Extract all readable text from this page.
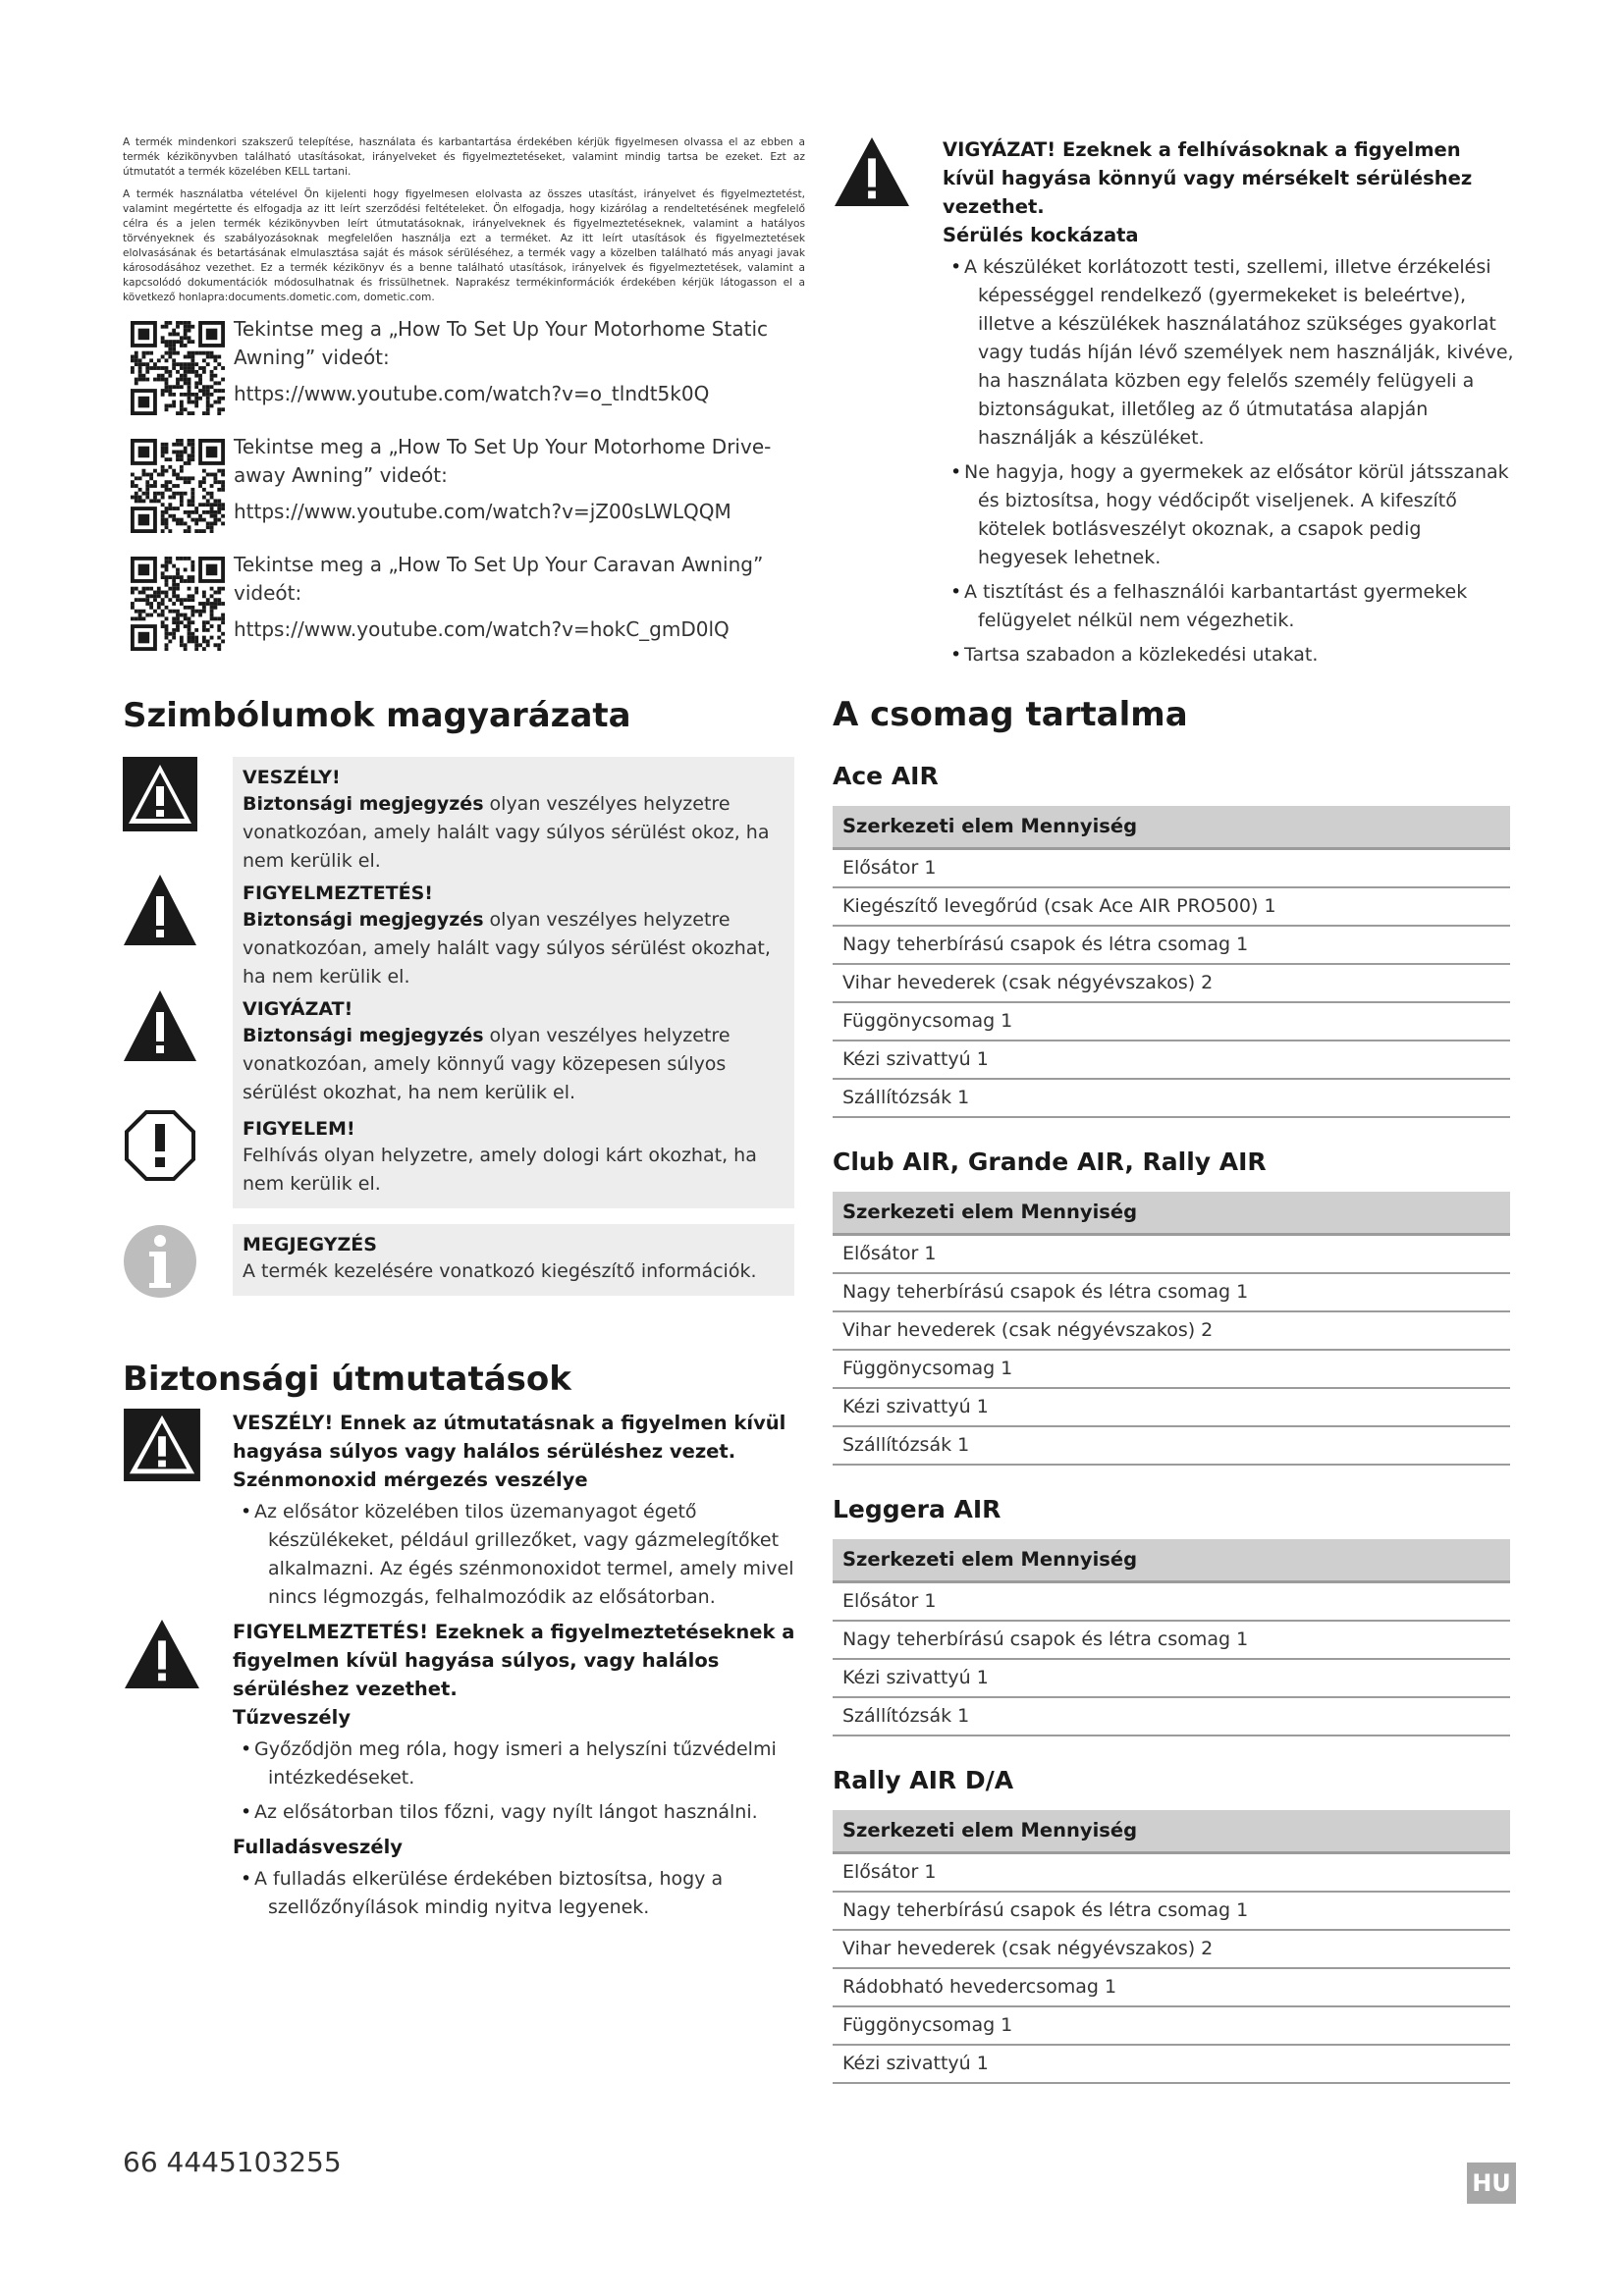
A termék mindenkori szakszerű telepítése, használata és karbantartása érdekében kérjük figyelmesen olvassa el az ebben a termék kézikönyvben található utasításokat, irányelveket és figyelmeztetéseket, valamint mindig tartsa be ezeket. Ezt az útmutatót a termék közelében KELL tartani.

A termék használatba vételével Ön kijelenti hogy figyelmesen elolvasta az összes utasítást, irányelvet és figyelmeztetést, valamint megértette és elfogadja az itt leírt szerződési feltételeket. Ön elfogadja, hogy kizárólag a rendeltetésének megfelelő célra és a jelen termék kézikönyvben leírt útmutatásoknak, irányelveknek és figyelmeztetéseknek, valamint a hatályos törvényeknek és szabályozásoknak megfelelően használja ezt a terméket. Az itt leírt utasítások és figyelmeztetések elolvasásának és betartásának elmulasztása saját és mások sérüléséhez, a termék vagy a közelben található más anyagi javak károsodásához vezethet. Ez a termék kézikönyv és a benne található utasítások, irányelvek és figyelmeztetések, valamint a kapcsolódó dokumentációk módosulhatnak és frissülhetnek. Naprakész termékinformációk érdekében kérjük látogasson el a következő honlapra:documents.dometic.com, dometic.com.

Tekintse meg a „How To Set Up Your Motorhome Static Awning” videót:
https://www.youtube.com/watch?v=o_tlndt5k0Q
Tekintse meg a „How To Set Up Your Motorhome Drive-away Awning” videót:
https://www.youtube.com/watch?v=jZ00sLWLQQM
Tekintse meg a „How To Set Up Your Caravan Awning” videót:
https://www.youtube.com/watch?v=hokC_gmD0lQ
Szimbólumok magyarázata
VESZÉLY!
Biztonsági megjegyzés olyan veszélyes helyzetre vonatkozóan, amely halált vagy súlyos sérülést okoz, ha nem kerülik el.
FIGYELMEZTETÉS!
Biztonsági megjegyzés olyan veszélyes helyzetre vonatkozóan, amely halált vagy súlyos sérülést okozhat, ha nem kerülik el.
VIGYÁZAT!
Biztonsági megjegyzés olyan veszélyes helyzetre vonatkozóan, amely könnyű vagy közepesen súlyos sérülést okozhat, ha nem kerülik el.
FIGYELEM!
Felhívás olyan helyzetre, amely dologi kárt okozhat, ha nem kerülik el.
MEGJEGYZÉS
A termék kezelésére vonatkozó kiegészítő információk.
Biztonsági útmutatások
VESZÉLY! Ennek az útmutatásnak a figyelmen kívül hagyása súlyos vagy halálos sérüléshez vezet.
Szénmonoxid mérgezés veszélye
• Az elősátor közelében tilos üzemanyagot égető készülékeket, például grillezőket, vagy gázmelegítőket alkalmazni. Az égés szénmonoxidot termel, amely mivel nincs légmozgás, felhalmozódik az elősátorban.
FIGYELMEZTETÉS! Ezeknek a figyelmeztetéseknek a figyelmen kívül hagyása súlyos, vagy halálos sérüléshez vezethet.
Tűzveszély
• Győződjön meg róla, hogy ismeri a helyszíni tűzvédelmi intézkedéseket.
• Az elősátorban tilos főzni, vagy nyílt lángot használni.
Fulladásveszély
• A fulladás elkerülése érdekében biztosítsa, hogy a szellőzőnyílások mindig nyitva legyenek.
VIGYÁZAT! Ezeknek a felhívásoknak a figyelmen kívül hagyása könnyű vagy mérsékelt sérüléshez vezethet.
Sérülés kockázata
• A készüléket korlátozott testi, szellemi, illetve érzékelési képességgel rendelkező (gyermekeket is beleértve), illetve a készülékek használatához szükséges gyakorlat vagy tudás híján lévő személyek nem használják, kivéve, ha használata közben egy felelős személy felügyeli a biztonságukat, illetőleg az ő útmutatása alapján használják a készüléket.
• Ne hagyja, hogy a gyermekek az elősátor körül játsszanak és biztosítsa, hogy védőcipőt viseljenek. A kifeszítő kötelek botlásveszélyt okoznak, a csapok pedig hegyesek lehetnek.
• A tisztítást és a felhasználói karbantartást gyermekek felügyelet nélkül nem végezhetik.
• Tartsa szabadon a közlekedési utakat.
A csomag tartalma
Ace AIR
Szerkezeti elem Mennyiség
Elősátor 1
Kiegészítő levegőrúd (csak Ace AIR PRO500) 1
Nagy teherbírású csapok és létra csomag 1
Vihar hevederek (csak négyévszakos) 2
Függönycsomag 1
Kézi szivattyú 1
Szállítózsák 1
Club AIR, Grande AIR, Rally AIR
Szerkezeti elem Mennyiség
Elősátor 1
Nagy teherbírású csapok és létra csomag 1
Vihar hevederek (csak négyévszakos) 2
Függönycsomag 1
Kézi szivattyú 1
Szállítózsák 1
Leggera AIR
Szerkezeti elem Mennyiség
Elősátor 1
Nagy teherbírású csapok és létra csomag 1
Kézi szivattyú 1
Szállítózsák 1
Rally AIR D/A
Szerkezeti elem Mennyiség
Elősátor 1
Nagy teherbírású csapok és létra csomag 1
Vihar hevederek (csak négyévszakos) 2
Rádobható hevedercsomag 1
Függönycsomag 1
Kézi szivattyú 1
66 4445103255
HU
